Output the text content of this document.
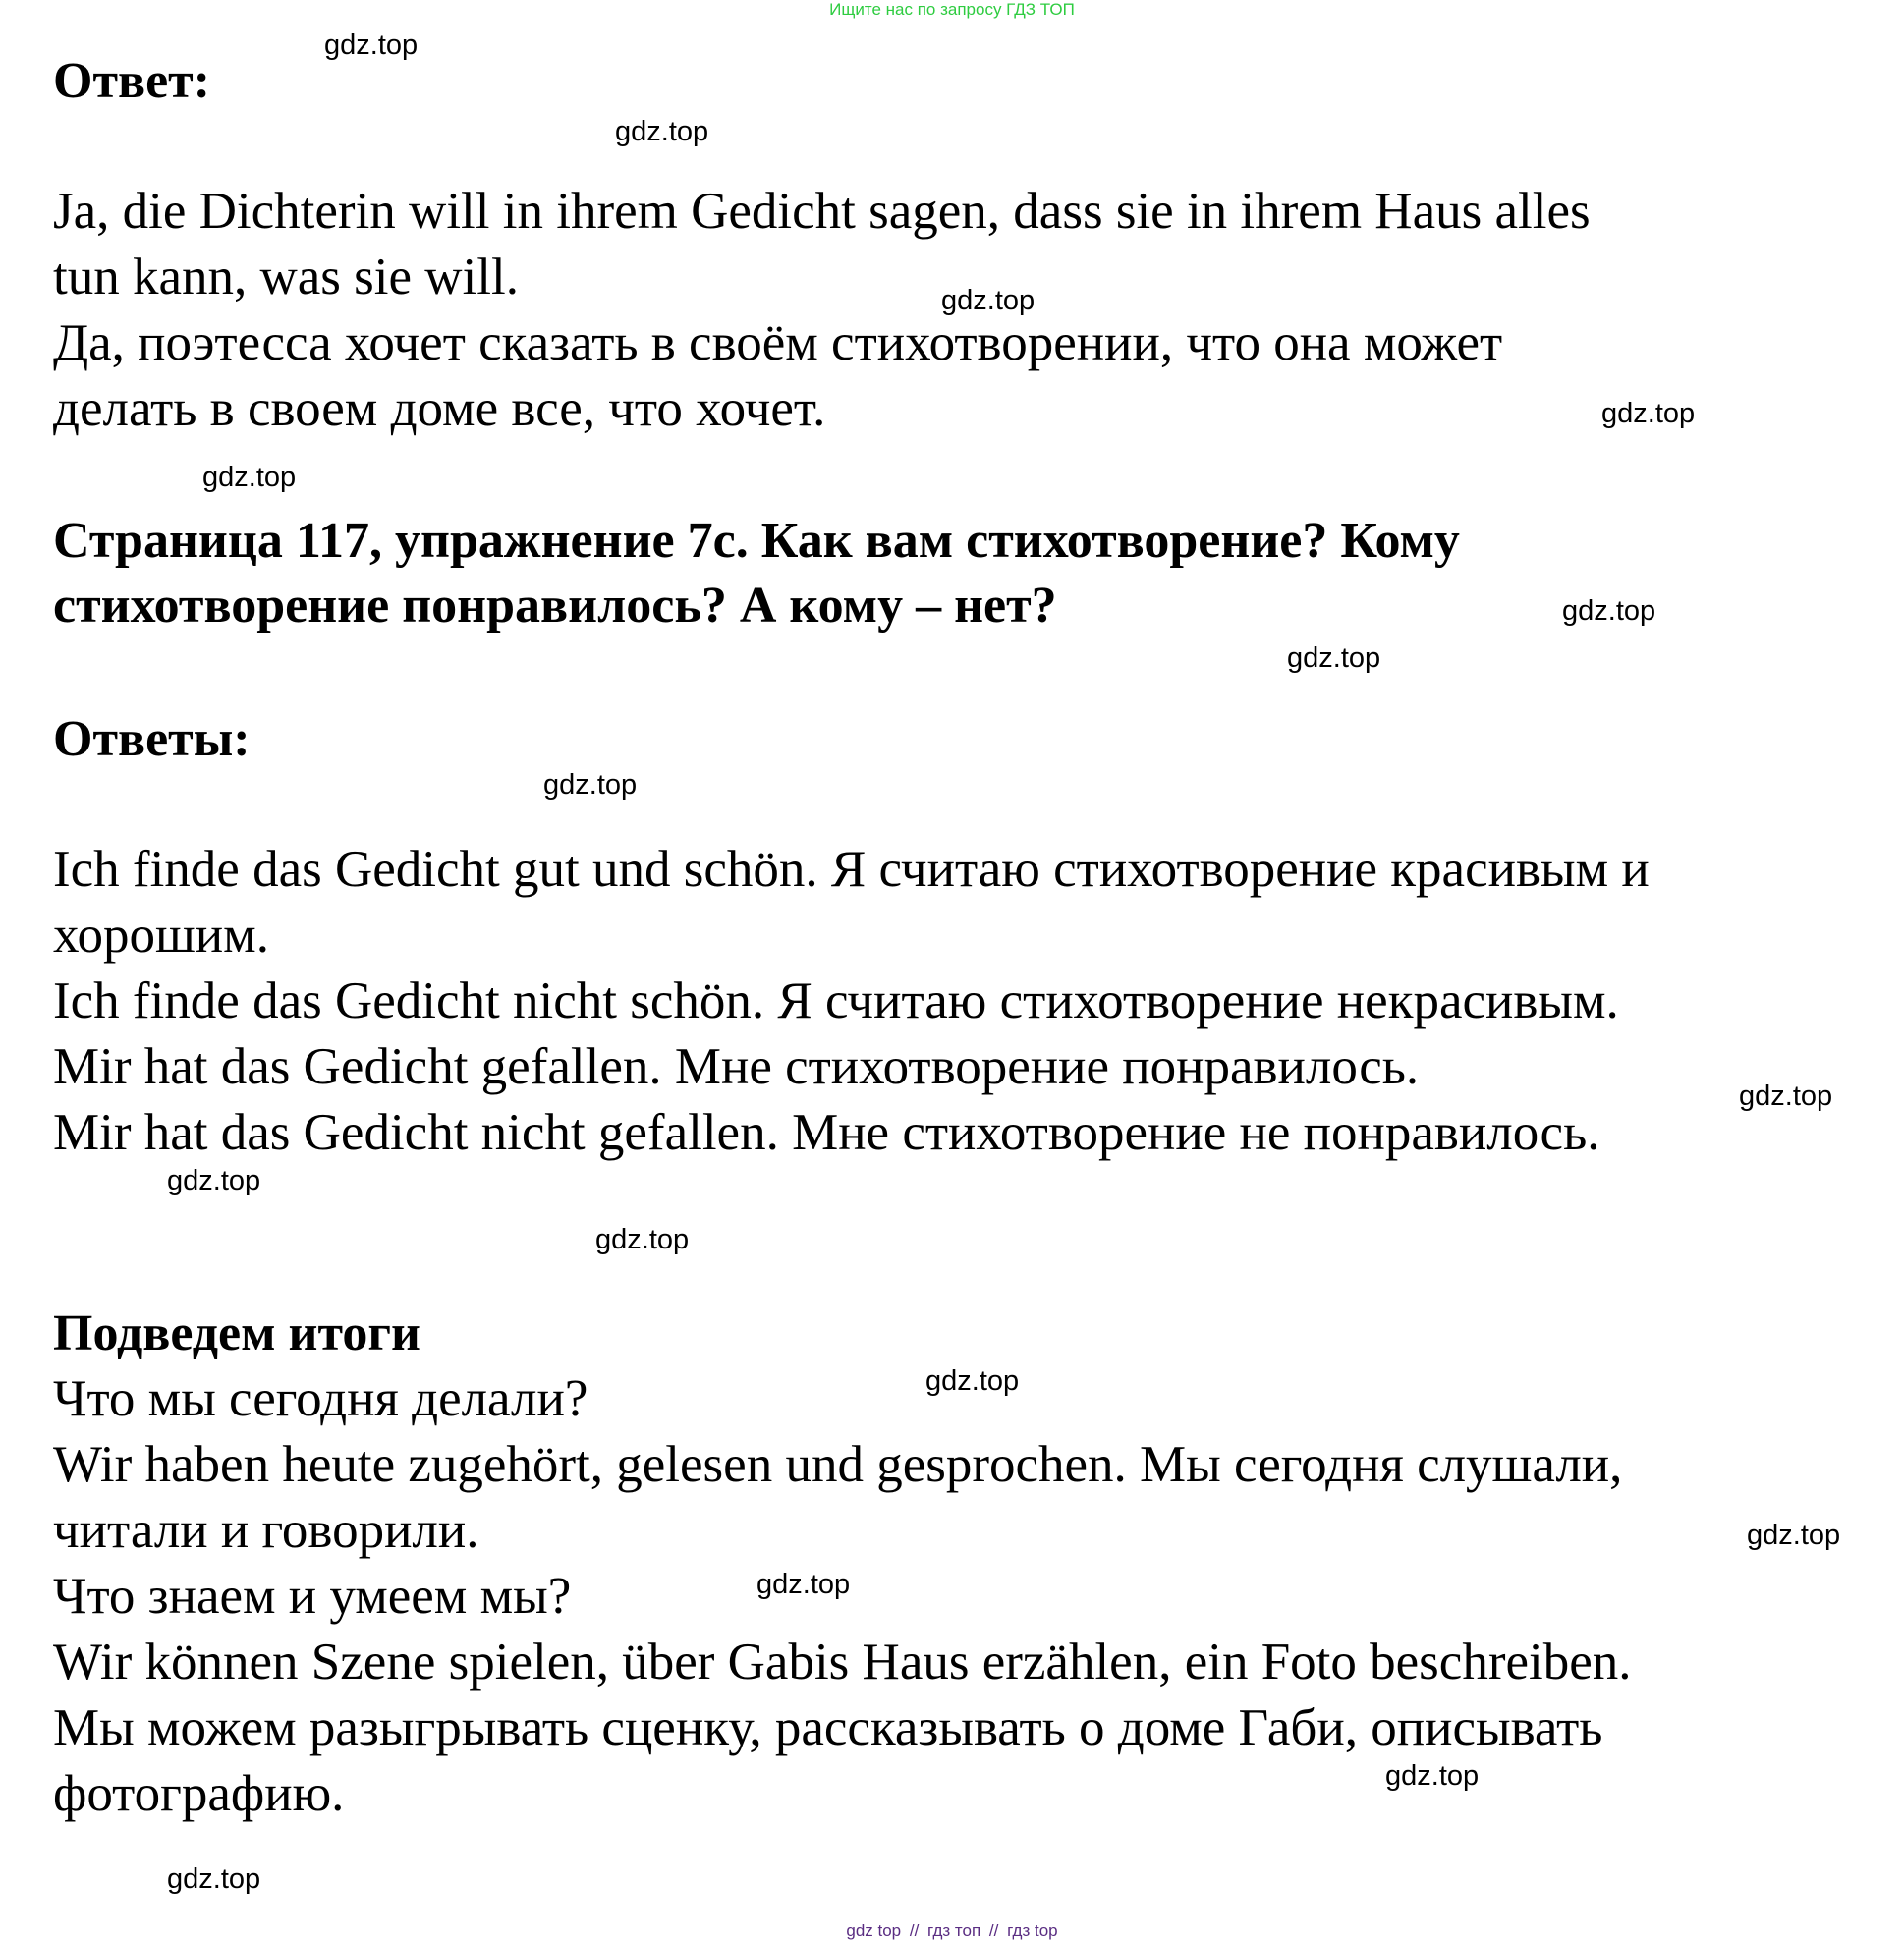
Ищите нас по запросу ГДЗ ТОП
Ответ:
Ja, die Dichterin will in ihrem Gedicht sagen, dass sie in ihrem Haus alles
tun kann, was sie will.
Да, поэтесса хочет сказать в своём стихотворении, что она может
делать в своем доме все, что хочет.
Страница 117, упражнение 7c. Как вам стихотворение? Кому
стихотворение понравилось? А кому – нет?
Ответы:
Ich finde das Gedicht gut und schön. Я считаю стихотворение красивым и
хорошим.
Ich finde das Gedicht nicht schön. Я считаю стихотворение некрасивым.
Mir hat das Gedicht gefallen. Мне стихотворение понравилось.
Mir hat das Gedicht nicht gefallen. Мне стихотворение не понравилось.
Подведем итоги
Что мы сегодня делали?
Wir haben heute zugehört, gelesen und gesprochen. Мы сегодня слушали,
читали и говорили.
Что знаем и умеем мы?
Wir können Szene spielen, über Gabis Haus erzählen, ein Foto beschreiben.
Мы можем разыгрывать сценку, рассказывать о доме Габи, описывать
фотографию.
gdz.top
gdz.top
gdz.top
gdz.top
gdz.top
gdz.top
gdz.top
gdz.top
gdz.top
gdz.top
gdz.top
gdz.top
gdz.top
gdz.top
gdz.top
gdz.top
gdz top // гдз топ // гдз top
